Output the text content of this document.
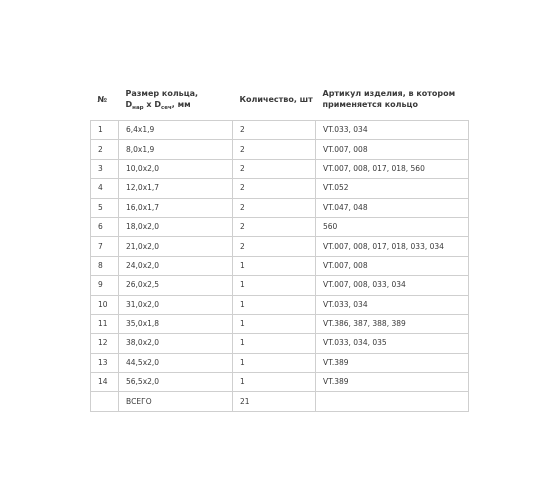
№	Размер кольца,
$D_{нар}$ x $D_{сеч}$, мм	Количество, шт	Артикул изделия, в котором применяется кольцо
1	6,4x1,9	2	VT.033, 034
2	8,0x1,9	2	VT.007, 008
3	10,0x2,0	2	VT.007, 008, 017, 018, 560
4	12,0x1,7	2	VT.052
5	16,0x1,7	2	VT.047, 048
6	18,0x2,0	2	560
7	21,0x2,0	2	VT.007, 008, 017, 018, 033, 034
8	24,0x2,0	1	VT.007, 008
9	26,0x2,5	1	VT.007, 008, 033, 034
10	31,0x2,0	1	VT.033, 034
11	35,0x1,8	1	VT.386, 387, 388, 389
12	38,0x2,0	1	VT.033, 034, 035
13	44,5x2,0	1	VT.389
14	56,5x2,0	1	VT.389
	ВСЕГО	21	
